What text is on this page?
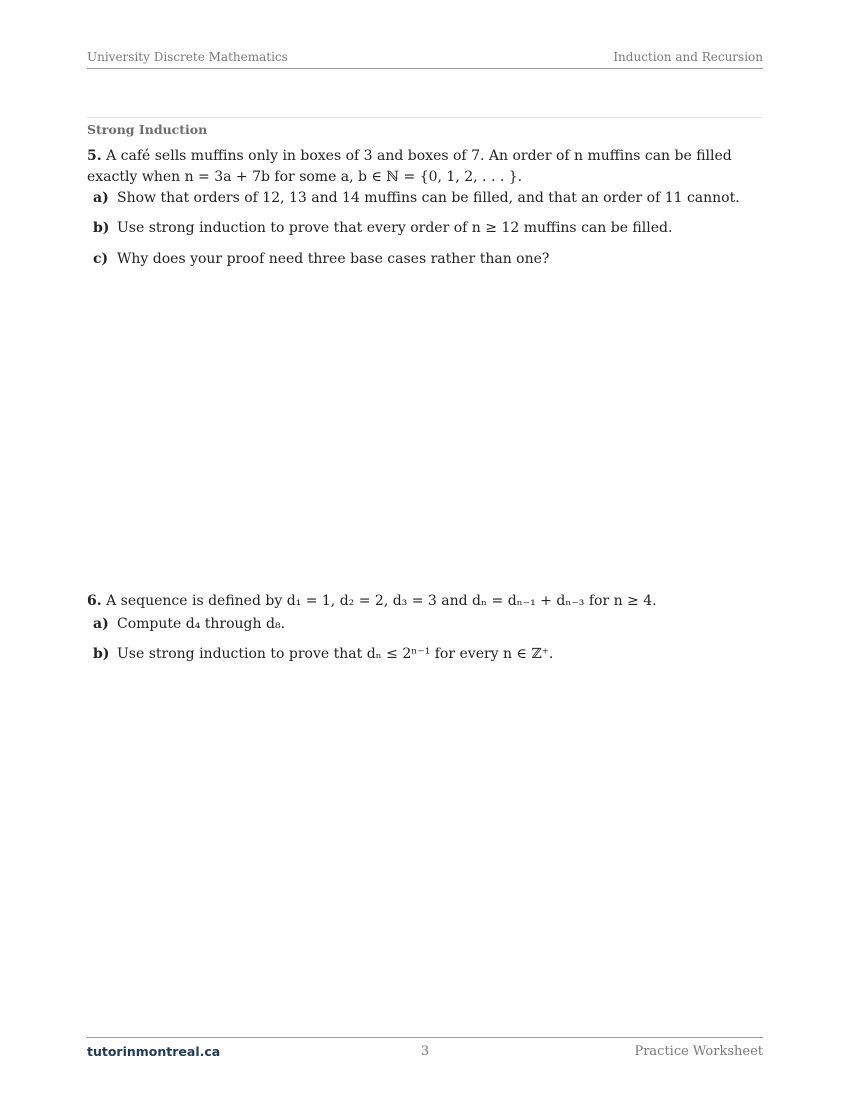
University Discrete Mathematics	Induction and Recursion
Strong Induction
5. A café sells muffins only in boxes of 3 and boxes of 7. An order of n muffins can be filled exactly when n = 3a + 7b for some a, b ∈ ℕ = {0, 1, 2, . . . }.
a) Show that orders of 12, 13 and 14 muffins can be filled, and that an order of 11 cannot.
b) Use strong induction to prove that every order of n ≥ 12 muffins can be filled.
c) Why does your proof need three base cases rather than one?
6. A sequence is defined by d₁ = 1, d₂ = 2, d₃ = 3 and dₙ = dₙ₋₁ + dₙ₋₃ for n ≥ 4.
a) Compute d₄ through d₈.
b) Use strong induction to prove that dₙ ≤ 2ⁿ⁻¹ for every n ∈ ℤ⁺.
tutorinmontreal.ca	3	Practice Worksheet
